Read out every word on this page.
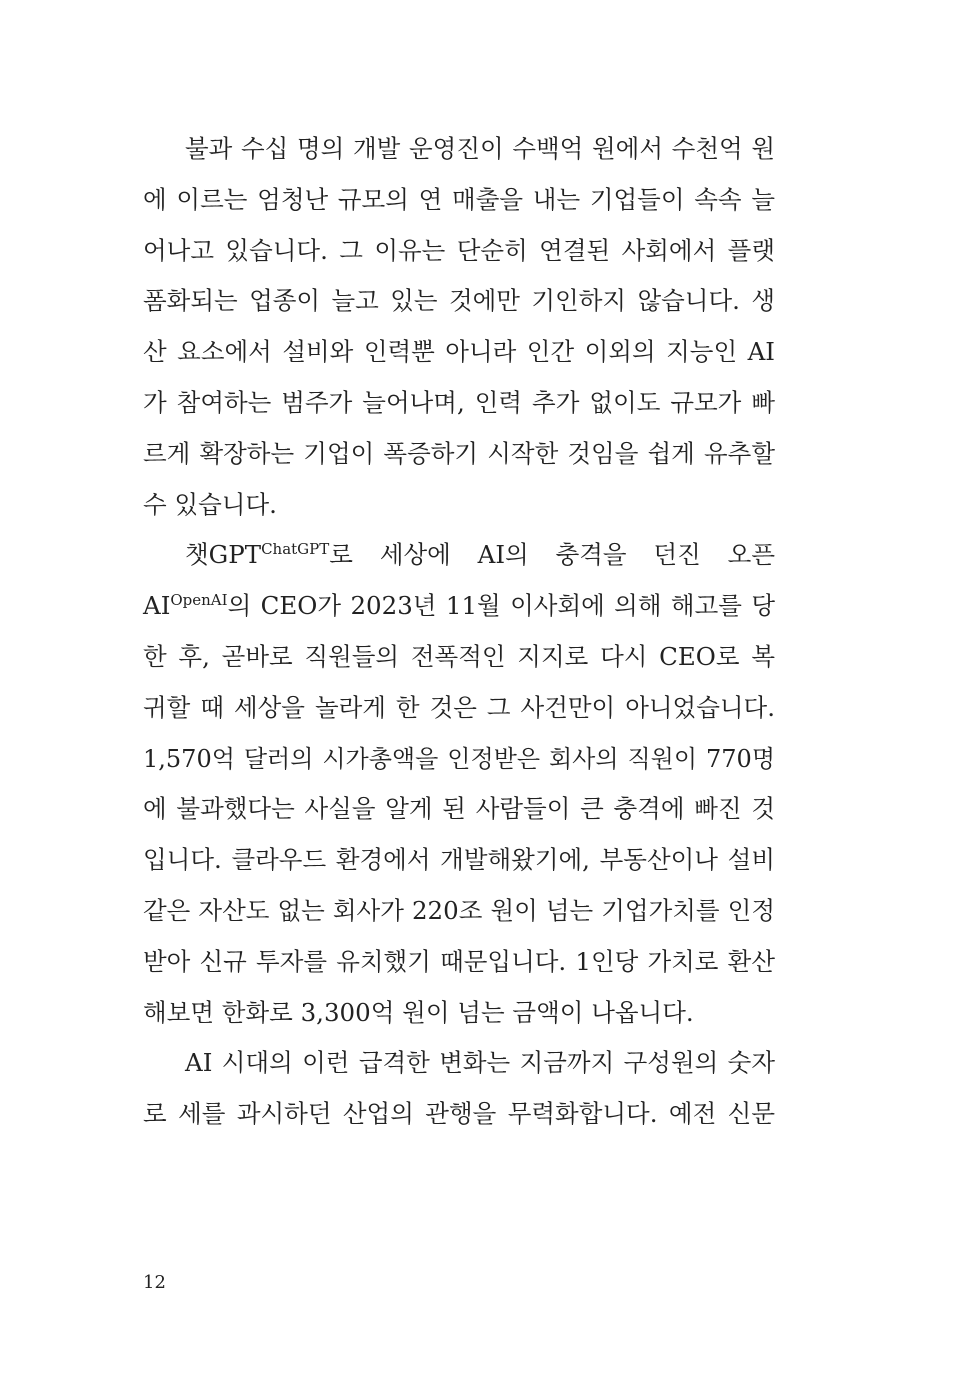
불과 수십 명의 개발 운영진이 수백억 원에서 수천억 원
에 이르는 엄청난 규모의 연 매출을 내는 기업들이 속속 늘
어나고 있습니다. 그 이유는 단순히 연결된 사회에서 플랫
폼화되는 업종이 늘고 있는 것에만 기인하지 않습니다. 생
산 요소에서 설비와 인력뿐 아니라 인간 이외의 지능인 AI
가 참여하는 범주가 늘어나며, 인력 추가 없이도 규모가 빠
르게 확장하는 기업이 폭증하기 시작한 것임을 쉽게 유추할
수 있습니다.
챗$GPT^{ChatGPT}$로 세상에 AI의 충격을 던진 오픈
$AI^{OpenAI}$의 CEO가 2023년 11월 이사회에 의해 해고를 당
한 후, 곧바로 직원들의 전폭적인 지지로 다시 CEO로 복
귀할 때 세상을 놀라게 한 것은 그 사건만이 아니었습니다.
1,570억 달러의 시가총액을 인정받은 회사의 직원이 770명
에 불과했다는 사실을 알게 된 사람들이 큰 충격에 빠진 것
입니다. 클라우드 환경에서 개발해왔기에, 부동산이나 설비
같은 자산도 없는 회사가 220조 원이 넘는 기업가치를 인정
받아 신규 투자를 유치했기 때문입니다. 1인당 가치로 환산
해보면 한화로 3,300억 원이 넘는 금액이 나옵니다.
AI 시대의 이런 급격한 변화는 지금까지 구성원의 숫자
로 세를 과시하던 산업의 관행을 무력화합니다. 예전 신문
12
